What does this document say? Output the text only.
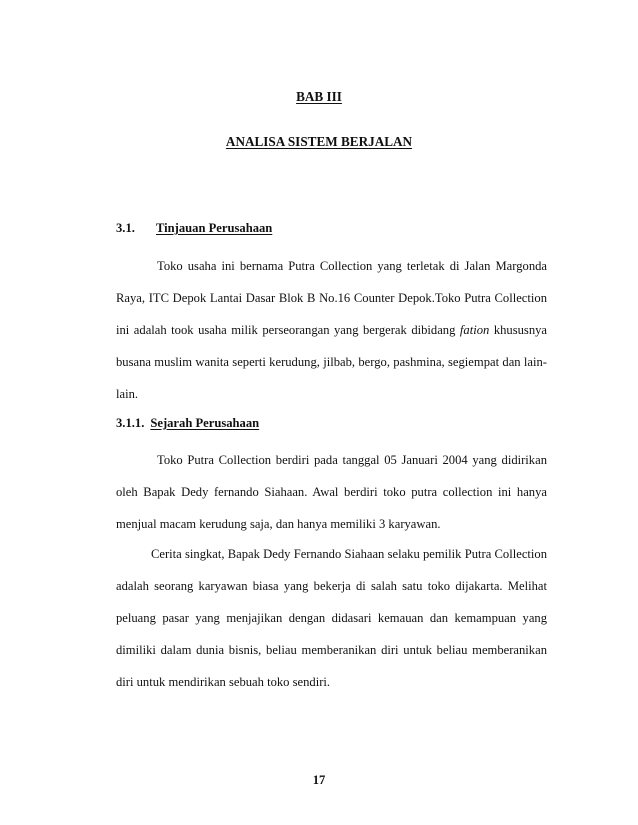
BAB III
ANALISA SISTEM BERJALAN
3.1. Tinjauan Perusahaan
Toko usaha ini bernama Putra Collection yang terletak di Jalan Margonda
Raya, ITC Depok Lantai Dasar Blok B No.16 Counter Depok.Toko Putra Collection
ini adalah took usaha milik perseorangan yang bergerak dibidang fation khususnya
busana muslim wanita seperti kerudung, jilbab, bergo, pashmina, segiempat dan lain-
lain.
3.1.1. Sejarah Perusahaan
Toko Putra Collection berdiri pada tanggal 05 Januari 2004 yang didirikan
oleh Bapak Dedy fernando Siahaan. Awal berdiri toko putra collection ini hanya
menjual macam kerudung saja, dan hanya memiliki 3 karyawan.
Cerita singkat, Bapak Dedy Fernando Siahaan selaku pemilik Putra Collection
adalah seorang karyawan biasa yang bekerja di salah satu toko dijakarta. Melihat
peluang pasar yang menjajikan dengan didasari kemauan dan kemampuan yang
dimiliki dalam dunia bisnis, beliau memberanikan diri untuk beliau memberanikan
diri untuk mendirikan sebuah toko sendiri.
17
